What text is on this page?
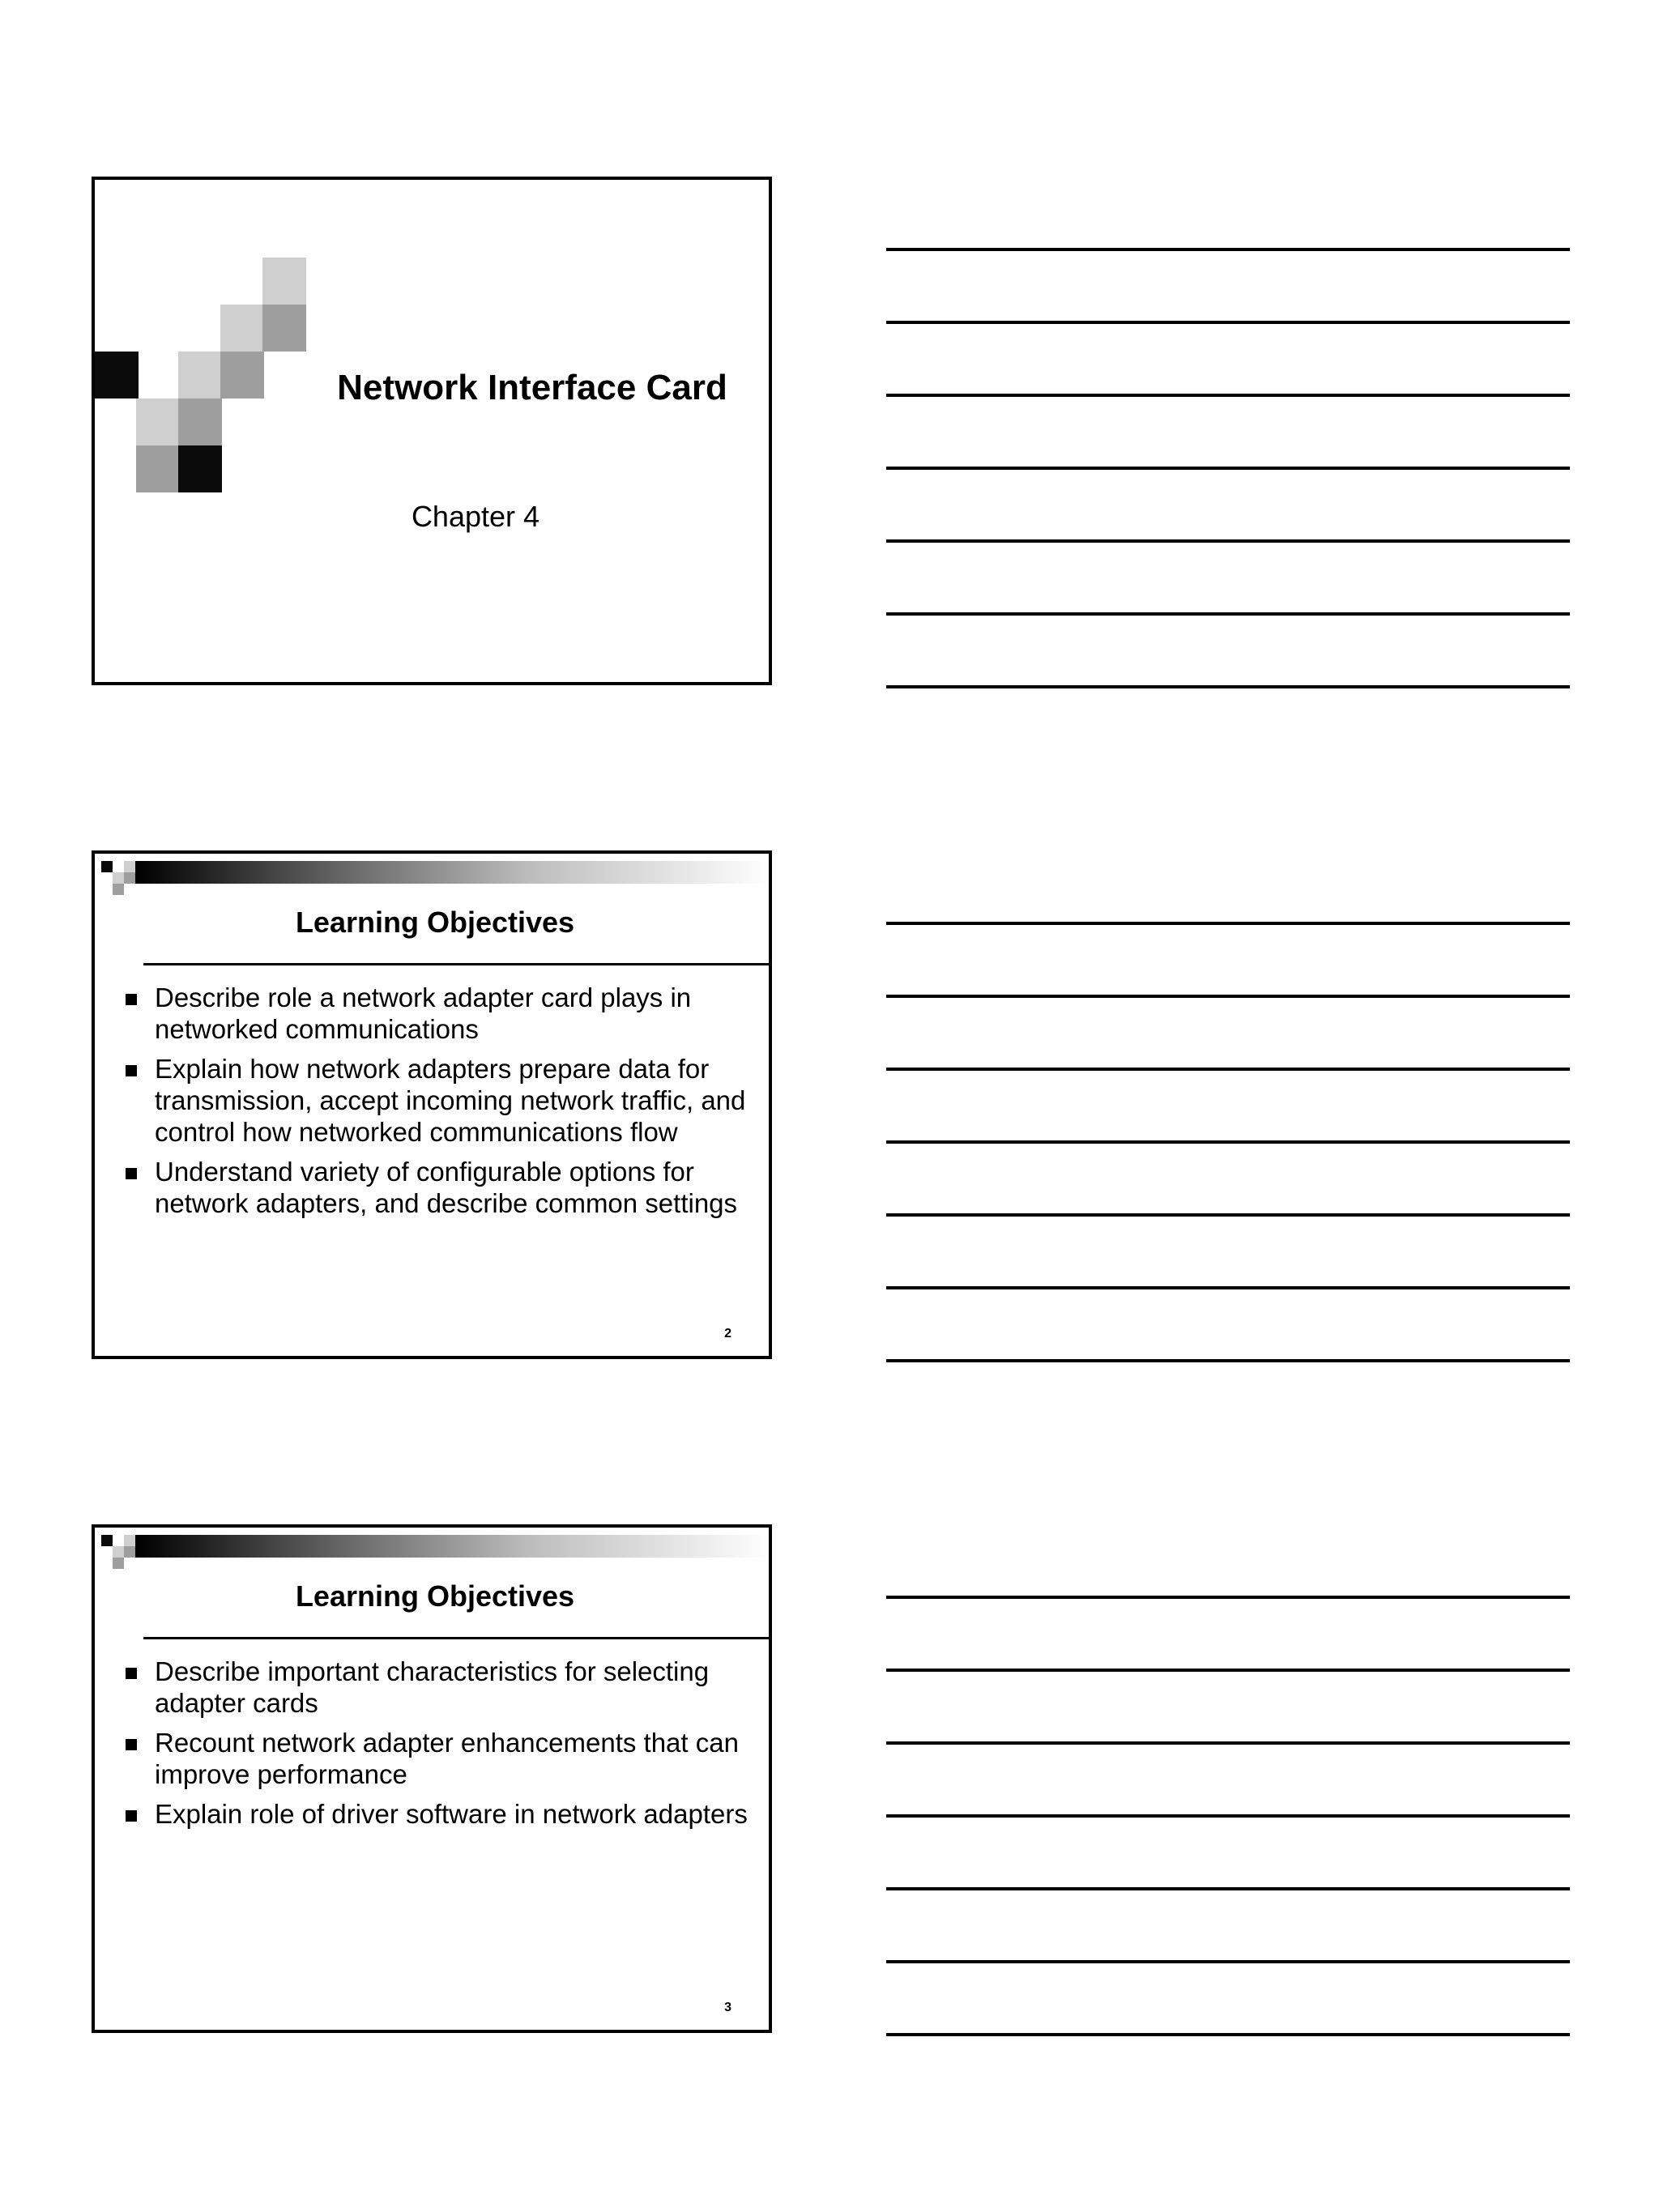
Network Interface Card
Chapter 4
Learning Objectives
Describe role a network adapter card plays in networked communications
Explain how network adapters prepare data for transmission, accept incoming network traffic, and control how networked communications flow
Understand variety of configurable options for network adapters, and describe common settings
2
Learning Objectives
Describe important characteristics for selecting adapter cards
Recount network adapter enhancements that can improve performance
Explain role of driver software in network adapters
3
